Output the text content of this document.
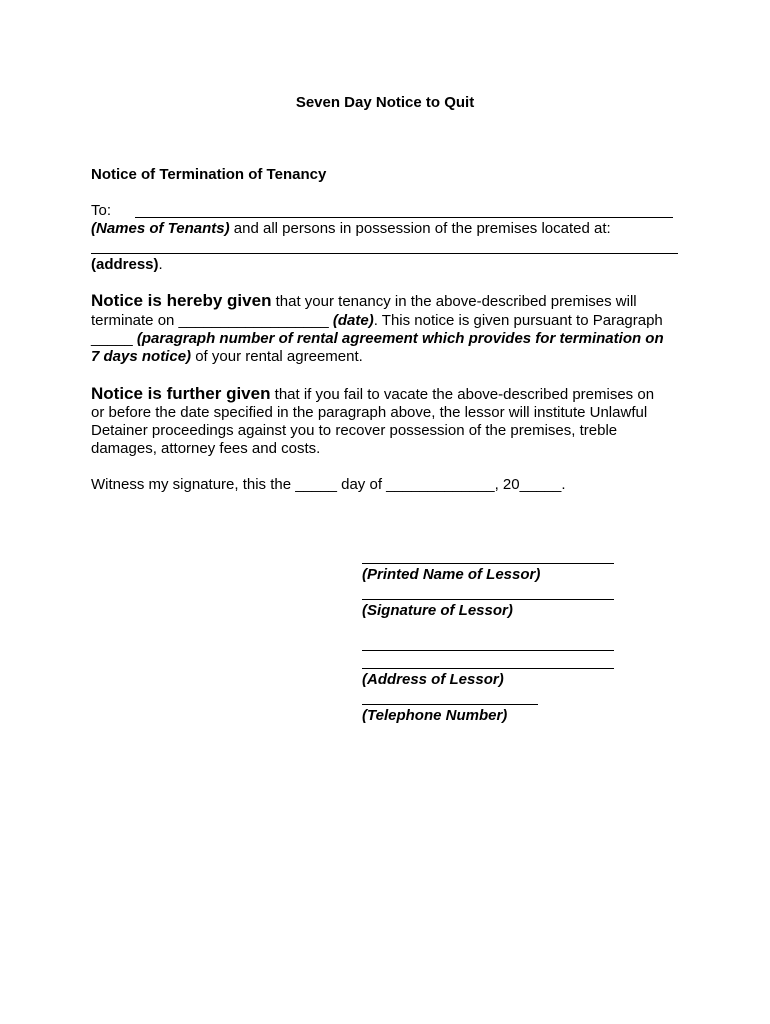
Seven Day Notice to Quit
Notice of Termination of Tenancy
To:
(Names of Tenants) and all persons in possession of the premises located at:
(address).
Notice is hereby given that your tenancy in the above-described premises will
terminate on __________________ (date). This notice is given pursuant to Paragraph
_____ (paragraph number of rental agreement which provides for termination on
7 days notice) of your rental agreement.
Notice is further given that if you fail to vacate the above-described premises on
or before the date specified in the paragraph above, the lessor will institute Unlawful
Detainer proceedings against you to recover possession of the premises, treble
damages, attorney fees and costs.
Witness my signature, this the _____ day of _____________, 20_____.
(Printed Name of Lessor)
(Signature of Lessor)
(Address of Lessor)
(Telephone Number)
